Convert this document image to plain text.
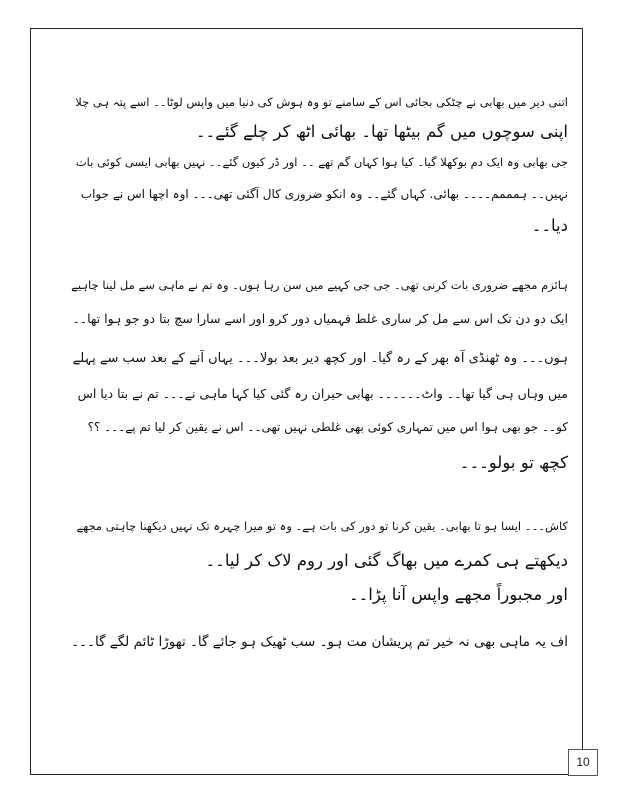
اتنی دیر میں بھابی نے چٹکی بجائی اس کے سامنے تو وہ ہوش کی دنیا میں واپس لوٹا۔۔ اسے پتہ ہی چلا
اپنی سوچوں میں گم بیٹھا تھا۔ بھائی اٹھ کر چلے گئے۔۔
جی بھابی وہ ایک دم بوکھلا گیا۔ کیا ہوا کہاں گم تھے ۔۔ اور ڈر کیوں گئے۔۔ نہیں بھابی ایسی کوئی بات
نہیں۔۔ ہمممم۔۔۔۔ بھائی. کہاں گئے۔۔ وہ انکو ضروری کال آگئی تھی۔۔۔ اوہ اچھا اس نے جواب
دیا۔۔
ہائزم مجھے ضروری بات کرنی تھی۔ جی جی کہیے میں سن رہا ہوں۔ وہ تم نے ماہی سے مل لینا چاہیے
ایک دو دن تک اس سے مل کر ساری غلط فہمیاں دور کرو اور اسے سارا سچ بتا دو جو ہوا تھا۔۔
ہوں۔۔۔ وہ ٹھنڈی آہ بھر کے رہ گیا۔ اور کچھ دیر بعد بولا۔۔۔ یہاں آنے کے بعد سب سے پہلے
میں وہاں ہی گیا تھا۔۔ واٹ۔۔۔۔۔۔ بھابی حیران رہ گئی کیا کہا ماہی نے۔۔۔ تم نے بتا دیا اس
کو۔۔ جو بھی ہوا اس میں تمہاری کوئی بھی غلطی نہیں تھی۔۔ اس نے یقین کر لیا تم پے۔۔۔ ؟؟
کچھ تو بولو۔۔۔
کاش۔۔۔ ایسا ہو تا بھابی۔ یقین کرنا تو دور کی بات ہے۔ وہ تو میرا چہرہ تک نہیں دیکھنا چاہتی مجھے
دیکھتے ہی کمرے میں بھاگ گئی اور روم لاک کر لیا۔۔
اور مجبوراً مجھے واپس آنا پڑا۔۔
اف یہ ماہی بھی نہ خیر تم پریشان مت ہو۔ سب ٹھیک ہو جائے گا۔ تھوڑا ٹائم لگے گا۔۔۔
10
